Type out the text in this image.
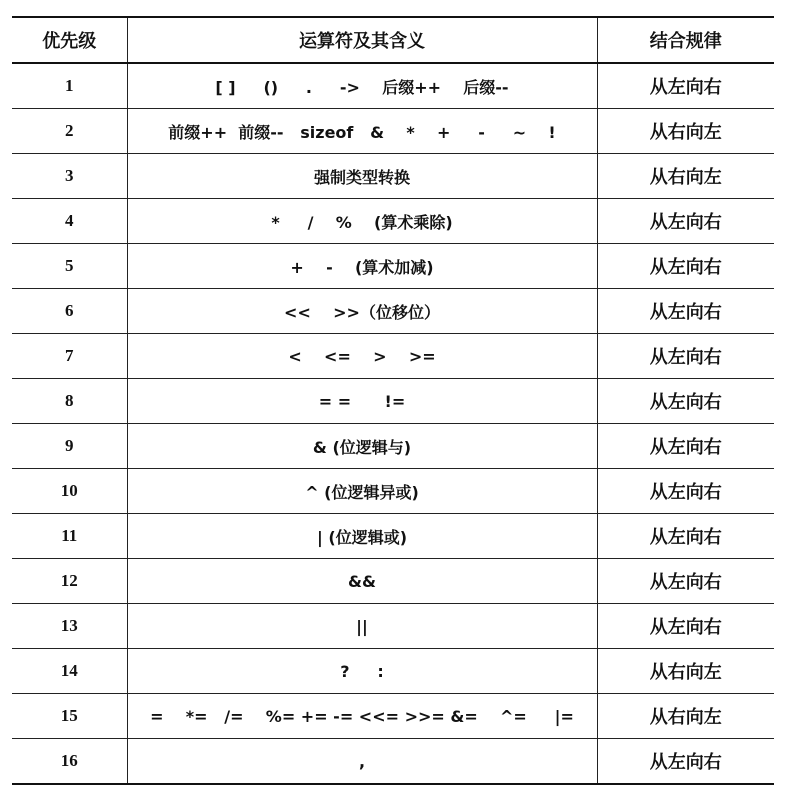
优先级	运算符及其含义	结合规律
1	[ ]     ()     .     ->    后缀++    后缀--	从左向右
2	前缀++  前缀--   sizeof   &    *    +     -     ~    !	从右向左
3	强制类型转换	从右向左
4	*     /    %    (算术乘除)	从左向右
5	+    -    (算术加减)	从左向右
6	<<    >>（位移位）	从左向右
7	<    <=    >    >=	从左向右
8	= =      !=	从左向右
9	& (位逻辑与)	从左向右
10	^ (位逻辑异或)	从左向右
11	| (位逻辑或)	从左向右
12	&&	从左向右
13	||	从左向右
14	?     :	从右向左
15	=    *=   /=    %= += -= <<= >>= &=    ^=     |=	从右向左
16	,	从左向右
